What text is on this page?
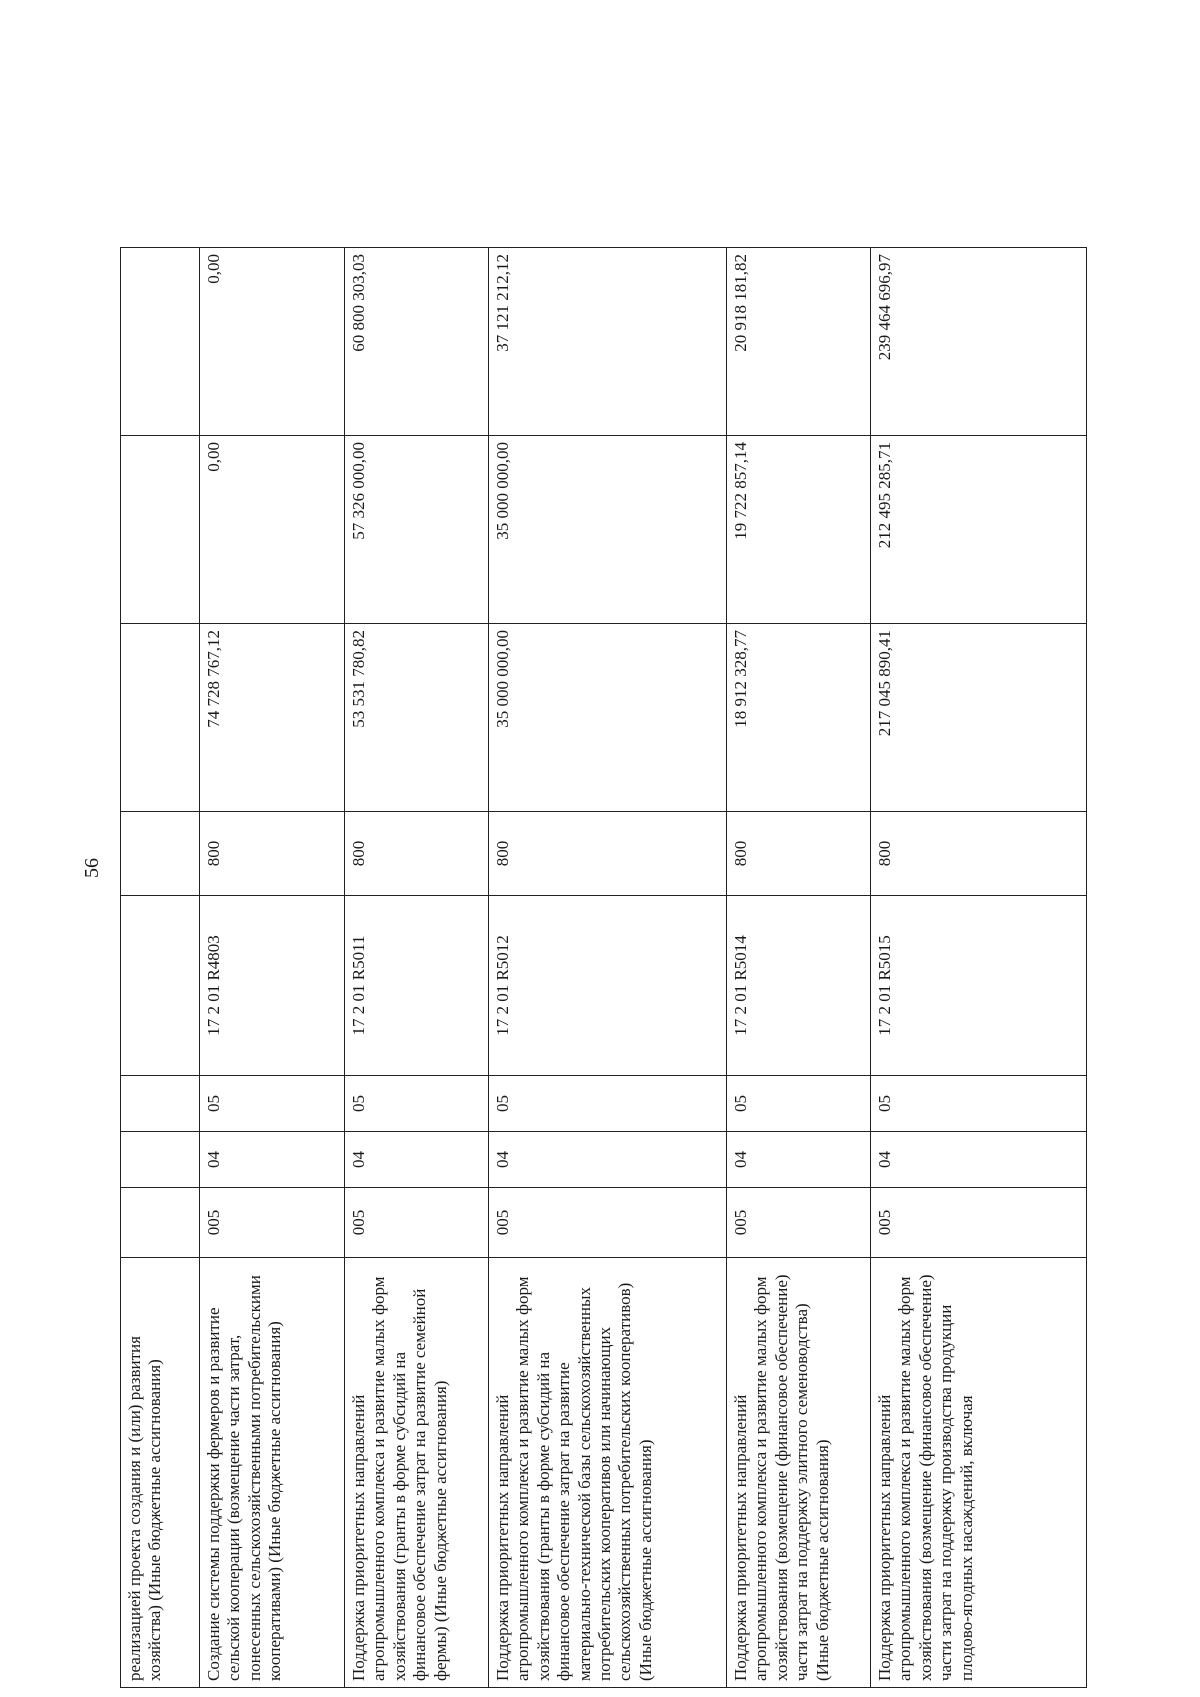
56
реализацией проекта создания и (или) развития хозяйства) (Иные бюджетные ассигнования)								
Создание системы поддержки фермеров и развитие сельской кооперации (возмещение части затрат, понесенных сельскохозяйственными потребительскими кооперативами) (Иные бюджетные ассигнования)	005	04	05	17 2 01 R4803	800	74 728 767,12	0,00	0,00
Поддержка приоритетных направлений агропромышленного комплекса и развитие малых форм хозяйствования (гранты в форме субсидий на финансовое обеспечение затрат на развитие семейной фермы) (Иные бюджетные ассигнования)	005	04	05	17 2 01 R5011	800	53 531 780,82	57 326 000,00	60 800 303,03
Поддержка приоритетных направлений агропромышленного комплекса и развитие малых форм хозяйствования (гранты в форме субсидий на финансовое обеспечение затрат на развитие материально-технической базы сельскохозяйственных потребительских кооперативов или начинающих сельскохозяйственных потребительских кооперативов) (Иные бюджетные ассигнования)	005	04	05	17 2 01 R5012	800	35 000 000,00	35 000 000,00	37 121 212,12
Поддержка приоритетных направлений агропромышленного комплекса и развитие малых форм хозяйствования (возмещение (финансовое обеспечение) части затрат на поддержку элитного семеноводства) (Иные бюджетные ассигнования)	005	04	05	17 2 01 R5014	800	18 912 328,77	19 722 857,14	20 918 181,82
Поддержка приоритетных направлений агропромышленного комплекса и развитие малых форм хозяйствования (возмещение (финансовое обеспечение) части затрат на поддержку производства продукции плодово-ягодных насаждений, включая	005	04	05	17 2 01 R5015	800	217 045 890,41	212 495 285,71	239 464 696,97
